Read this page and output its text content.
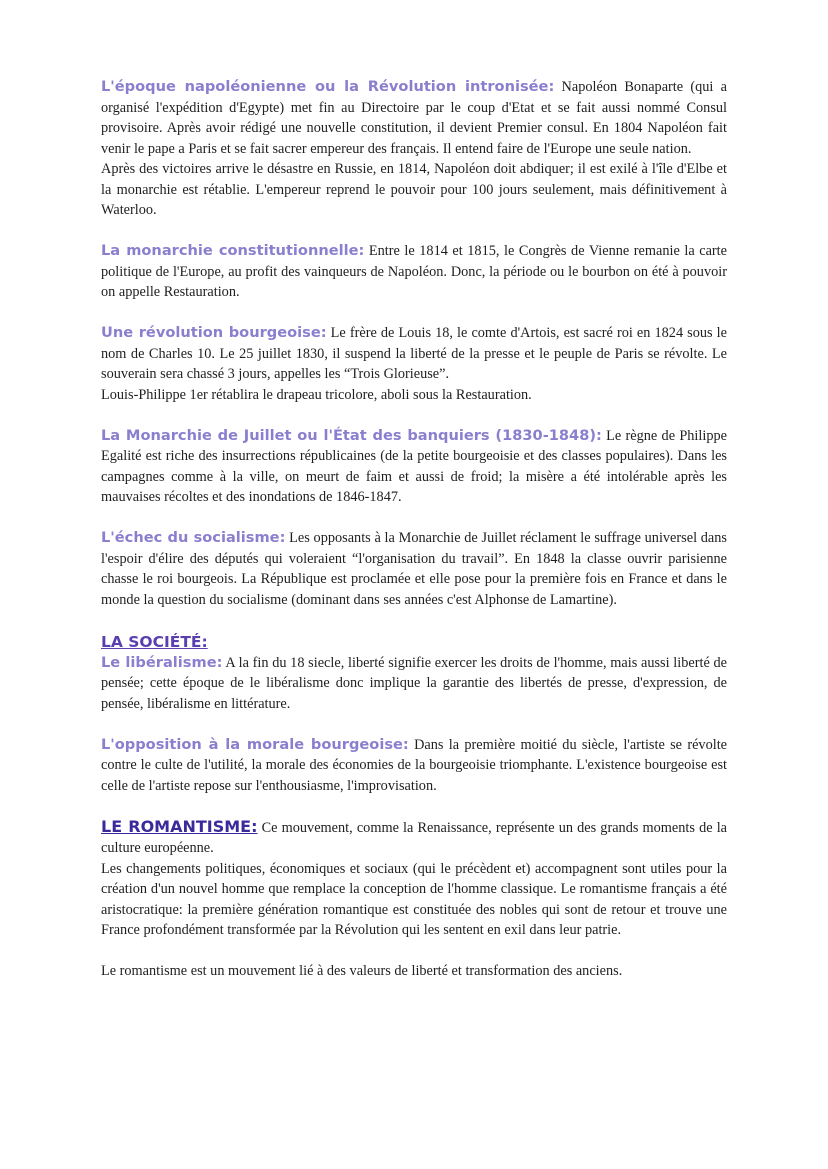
L'époque napoléonienne ou la Révolution intronisée: Napoléon Bonaparte (qui a organisé l'expédition d'Egypte) met fin au Directoire par le coup d'Etat et se fait aussi nommé Consul provisoire. Après avoir rédigé une nouvelle constitution, il devient Premier consul. En 1804 Napoléon fait venir le pape a Paris et se fait sacrer empereur des français. Il entend faire de l'Europe une seule nation.

Après des victoires arrive le désastre en Russie, en 1814, Napoléon doit abdiquer; il est exilé à l'île d'Elbe et la monarchie est rétablie. L'empereur reprend le pouvoir pour 100 jours seulement, mais définitivement à Waterloo.

La monarchie constitutionnelle: Entre le 1814 et 1815, le Congrès de Vienne remanie la carte politique de l'Europe, au profit des vainqueurs de Napoléon. Donc, la période ou le bourbon on été à pouvoir on appelle Restauration.

Une révolution bourgeoise: Le frère de Louis 18, le comte d'Artois, est sacré roi en 1824 sous le nom de Charles 10. Le 25 juillet 1830, il suspend la liberté de la presse et le peuple de Paris se révolte. Le souverain sera chassé 3 jours, appelles les “Trois Glorieuse”.

Louis-Philippe 1er rétablira le drapeau tricolore, aboli sous la Restauration.

La Monarchie de Juillet ou l'État des banquiers (1830-1848): Le règne de Philippe Egalité est riche des insurrections républicaines (de la petite bourgeoisie et des classes populaires). Dans les campagnes comme à la ville, on meurt de faim et aussi de froid; la misère a été intolérable après les mauvaises récoltes et des inondations de 1846-1847.

L'échec du socialisme: Les opposants à la Monarchie de Juillet réclament le suffrage universel dans l'espoir d'élire des députés qui voleraient “l'organisation du travail”. En 1848 la classe ouvrir parisienne chasse le roi bourgeois. La République est proclamée et elle pose pour la première fois en France et dans le monde la question du socialisme (dominant dans ses années c'est Alphonse de Lamartine).

LA SOCIÉTÉ:

Le libéralisme: A la fin du 18 siecle, liberté signifie exercer les droits de l'homme, mais aussi liberté de pensée; cette époque de le libéralisme donc implique la garantie des libertés de presse, d'expression, de pensée, libéralisme en littérature.

L'opposition à la morale bourgeoise: Dans la première moitié du siècle, l'artiste se révolte contre le culte de l'utilité, la morale des économies de la bourgeoisie triomphante. L'existence bourgeoise est celle de l'artiste repose sur l'enthousiasme, l'improvisation.

LE ROMANTISME: Ce mouvement, comme la Renaissance, représente un des grands moments de la culture européenne.

Les changements politiques, économiques et sociaux (qui le précèdent et) accompagnent sont utiles pour la création d'un nouvel homme que remplace la conception de l'homme classique. Le romantisme français a été aristocratique: la première génération romantique est constituée des nobles qui sont de retour et trouve une France profondément transformée par la Révolution qui les sentent en exil dans leur patrie.

Le romantisme est un mouvement lié à des valeurs de liberté et transformation des anciens.
